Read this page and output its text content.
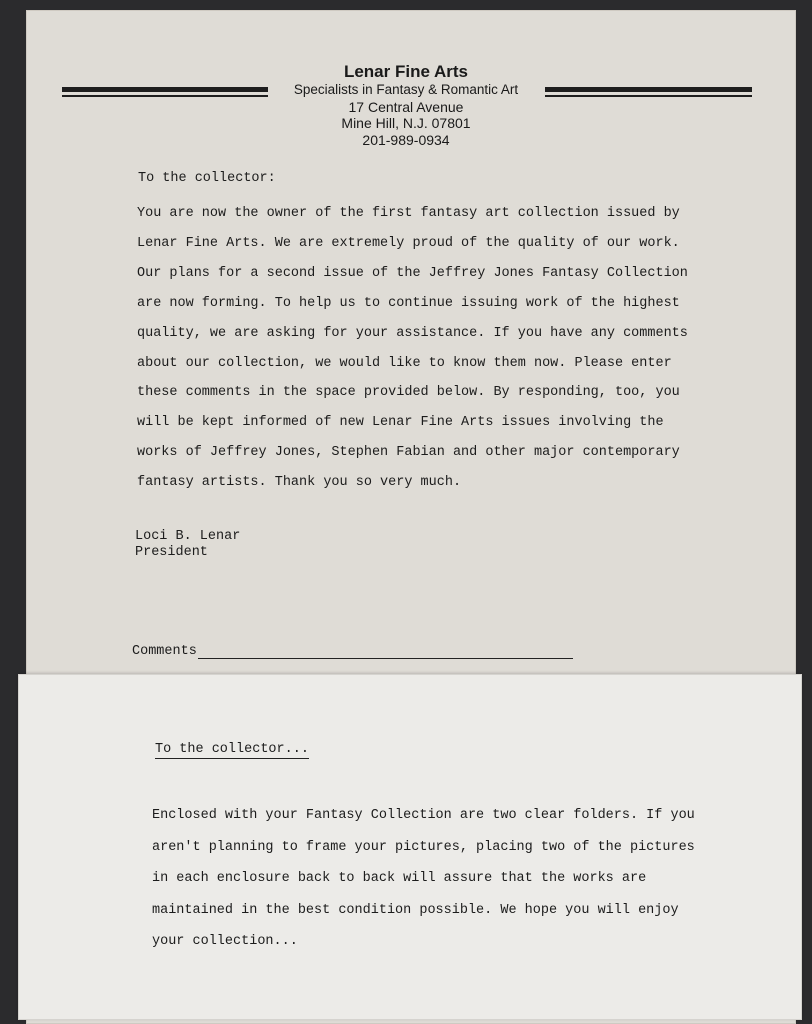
Lenar Fine Arts
Specialists in Fantasy & Romantic Art
17 Central Avenue
Mine Hill, N.J. 07801
201-989-0934
To the collector:

You are now the owner of the first fantasy art collection issued by
Lenar Fine Arts. We are extremely proud of the quality of our work.
Our plans for a second issue of the Jeffrey Jones Fantasy Collection
are now forming. To help us to continue issuing work of the highest
quality, we are asking for your assistance. If you have any comments
about our collection, we would like to know them now. Please enter
these comments in the space provided below. By responding, too, you
will be kept informed of new Lenar Fine Arts issues involving the
works of Jeffrey Jones, Stephen Fabian and other major contemporary
fantasy artists. Thank you so very much.

Loci B. Lenar
President
Comments
To the collector...

Enclosed with your Fantasy Collection are two clear folders. If you
aren't planning to frame your pictures, placing two of the pictures
in each enclosure back to back will assure that the works are
maintained in the best condition possible. We hope you will enjoy
your collection...
